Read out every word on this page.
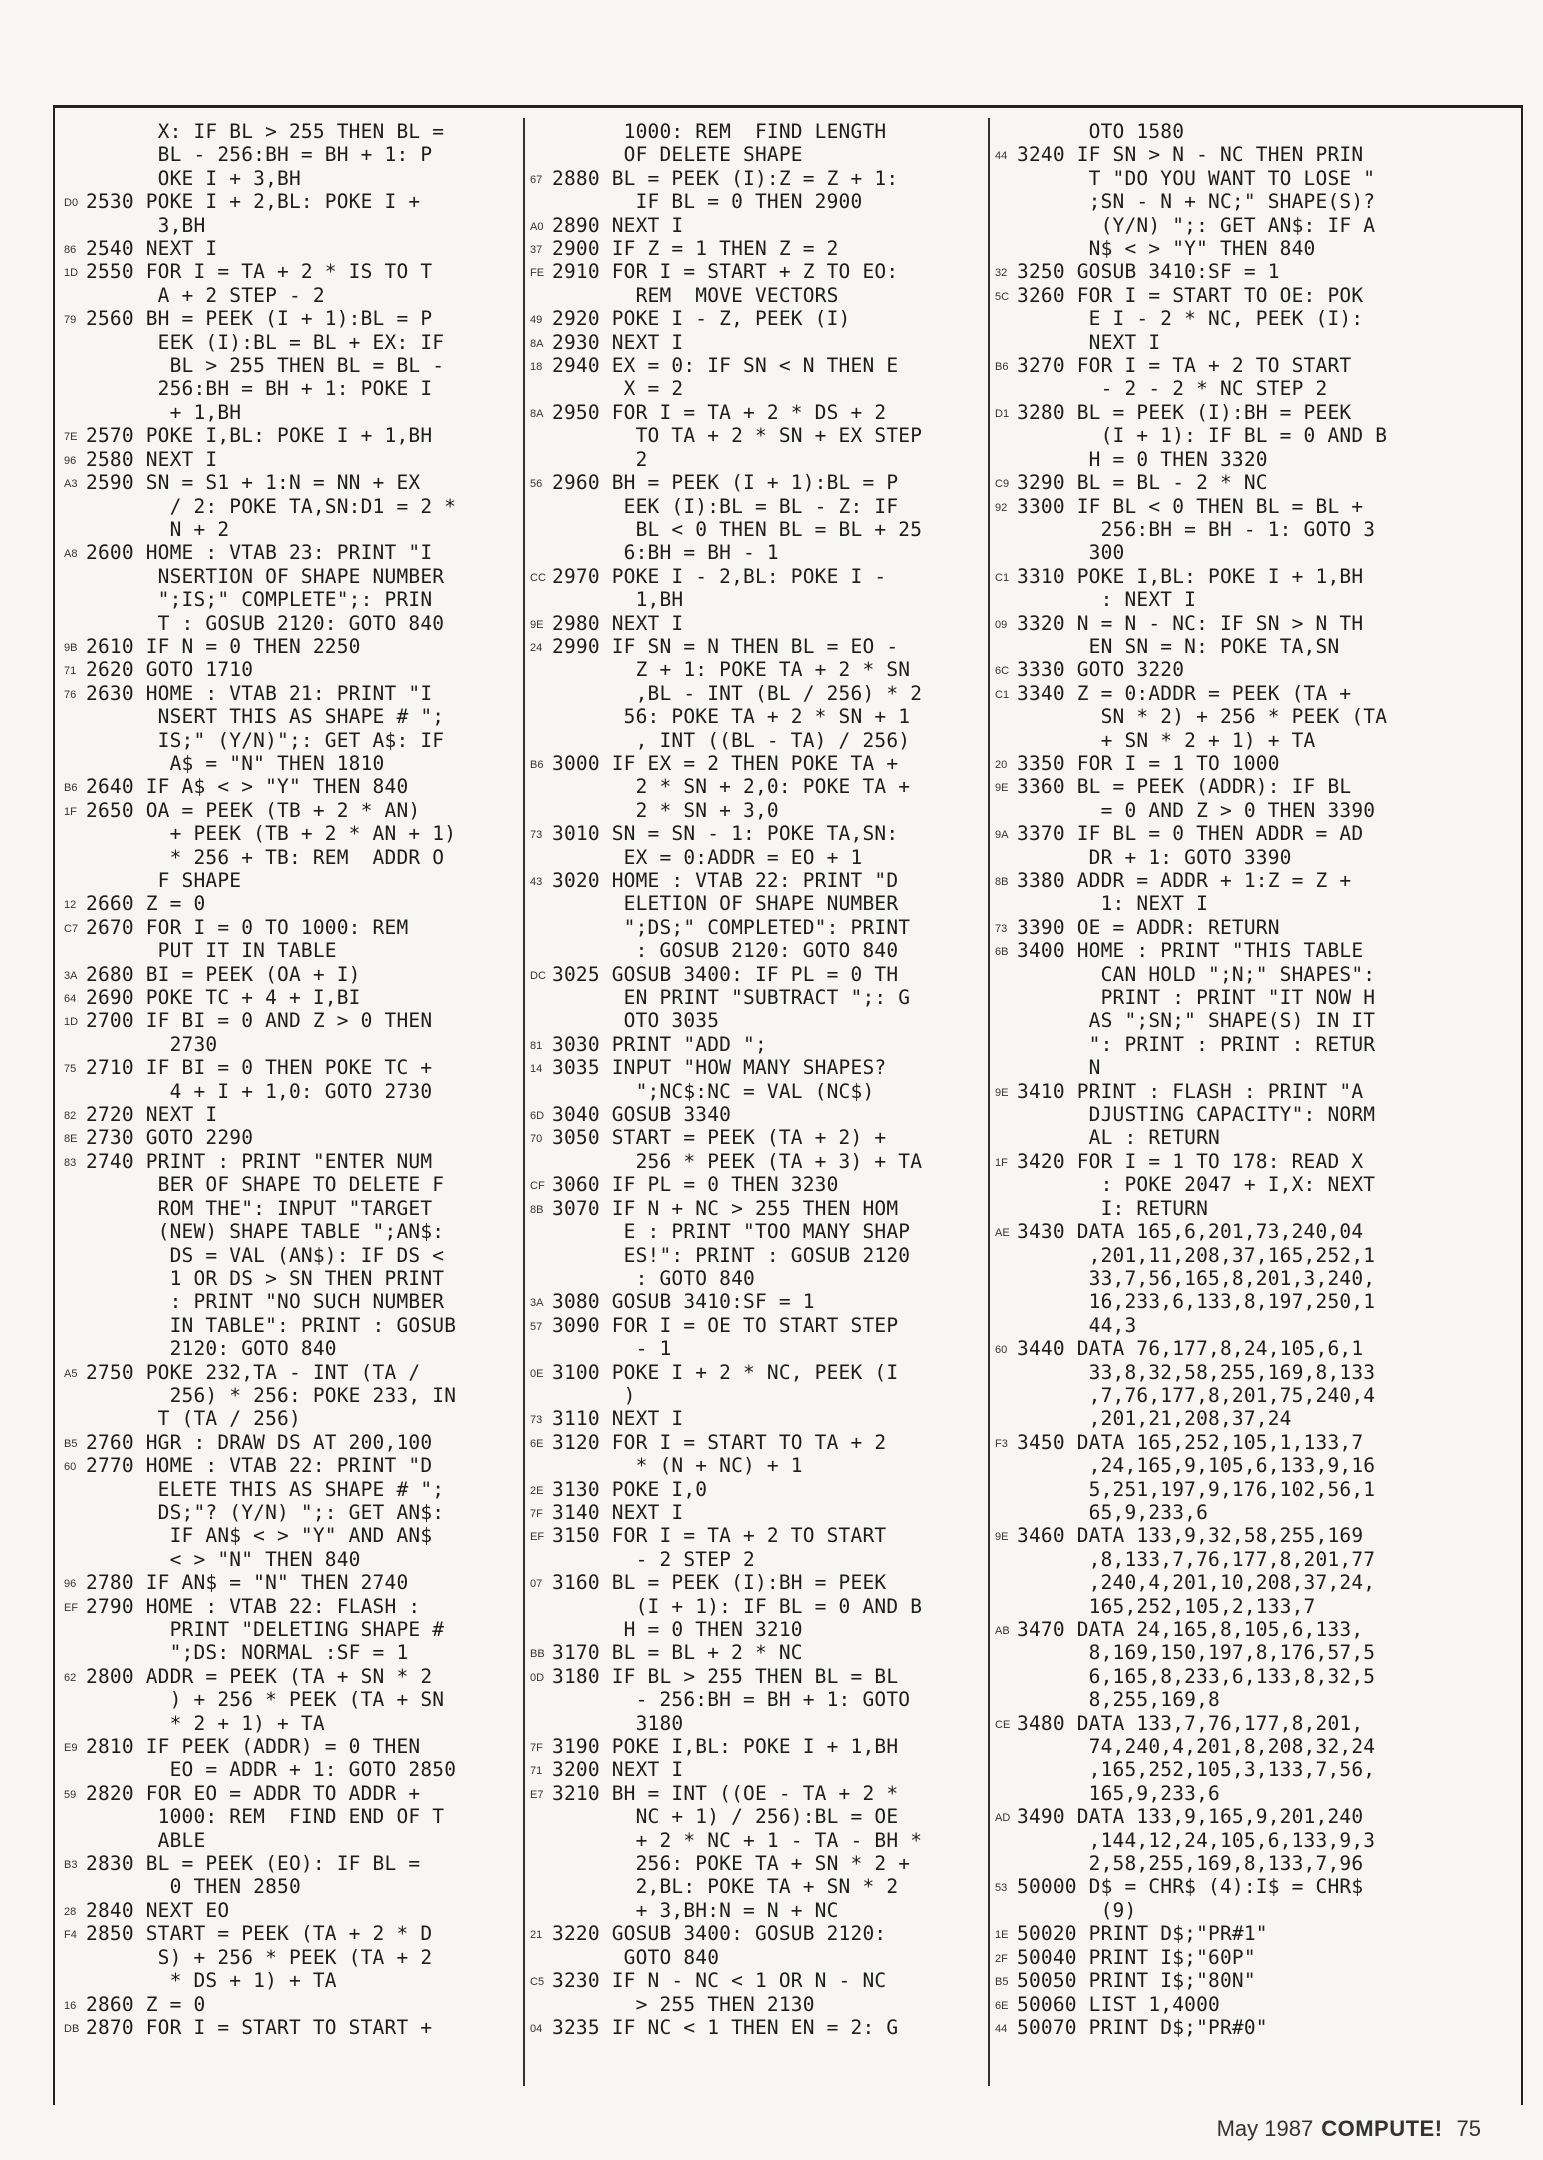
X: IF BL > 255 THEN BL =
BL - 256:BH = BH + 1: P
OKE I + 3,BH
D0 2530 POKE I + 2,BL: POKE I +
3,BH
86 2540 NEXT I
1D 2550 FOR I = TA + 2 * IS TO T
A + 2 STEP - 2
79 2560 BH = PEEK (I + 1):BL = P
EEK (I):BL = BL + EX: IF
BL > 255 THEN BL = BL -
256:BH = BH + 1: POKE I
+ 1,BH
7E 2570 POKE I,BL: POKE I + 1,BH
96 2580 NEXT I
A3 2590 SN = S1 + 1:N = NN + EX
/ 2: POKE TA,SN:D1 = 2 *
N + 2
A8 2600 HOME : VTAB 23: PRINT "I
NSERTION OF SHAPE NUMBER
";IS;" COMPLETE";: PRIN
T : GOSUB 2120: GOTO 840
9B 2610 IF N = 0 THEN 2250
71 2620 GOTO 1710
76 2630 HOME : VTAB 21: PRINT "I
NSERT THIS AS SHAPE # ";
IS;" (Y/N)";: GET A$: IF
A$ = "N" THEN 1810
B6 2640 IF A$ < > "Y" THEN 840
1F 2650 OA = PEEK (TB + 2 * AN)
+ PEEK (TB + 2 * AN + 1)
* 256 + TB: REM  ADDR O
F SHAPE
12 2660 Z = 0
C7 2670 FOR I = 0 TO 1000: REM
PUT IT IN TABLE
3A 2680 BI = PEEK (OA + I)
64 2690 POKE TC + 4 + I,BI
1D 2700 IF BI = 0 AND Z > 0 THEN
2730
75 2710 IF BI = 0 THEN POKE TC +
4 + I + 1,0: GOTO 2730
82 2720 NEXT I
8E 2730 GOTO 2290
83 2740 PRINT : PRINT "ENTER NUM
BER OF SHAPE TO DELETE F
ROM THE": INPUT "TARGET
(NEW) SHAPE TABLE ";AN$:
DS = VAL (AN$): IF DS <
1 OR DS > SN THEN PRINT
: PRINT "NO SUCH NUMBER
IN TABLE": PRINT : GOSUB
2120: GOTO 840
A5 2750 POKE 232,TA - INT (TA /
256) * 256: POKE 233, IN
T (TA / 256)
B5 2760 HGR : DRAW DS AT 200,100
60 2770 HOME : VTAB 22: PRINT "D
ELETE THIS AS SHAPE # ";
DS;"? (Y/N) ";: GET AN$:
IF AN$ < > "Y" AND AN$
< > "N" THEN 840
96 2780 IF AN$ = "N" THEN 2740
EF 2790 HOME : VTAB 22: FLASH :
PRINT "DELETING SHAPE #
";DS: NORMAL :SF = 1
62 2800 ADDR = PEEK (TA + SN * 2
) + 256 * PEEK (TA + SN
* 2 + 1) + TA
E9 2810 IF PEEK (ADDR) = 0 THEN
EO = ADDR + 1: GOTO 2850
59 2820 FOR EO = ADDR TO ADDR +
1000: REM  FIND END OF T
ABLE
B3 2830 BL = PEEK (EO): IF BL =
0 THEN 2850
28 2840 NEXT EO
F4 2850 START = PEEK (TA + 2 * D
S) + 256 * PEEK (TA + 2
* DS + 1) + TA
16 2860 Z = 0
DB 2870 FOR I = START TO START +
1000: REM  FIND LENGTH
OF DELETE SHAPE
67 2880 BL = PEEK (I):Z = Z + 1:
IF BL = 0 THEN 2900
A0 2890 NEXT I
37 2900 IF Z = 1 THEN Z = 2
FE 2910 FOR I = START + Z TO EO:
REM  MOVE VECTORS
49 2920 POKE I - Z, PEEK (I)
8A 2930 NEXT I
18 2940 EX = 0: IF SN < N THEN E
X = 2
8A 2950 FOR I = TA + 2 * DS + 2
TO TA + 2 * SN + EX STEP
2
56 2960 BH = PEEK (I + 1):BL = P
EEK (I):BL = BL - Z: IF
BL < 0 THEN BL = BL + 25
6:BH = BH - 1
CC 2970 POKE I - 2,BL: POKE I -
1,BH
9E 2980 NEXT I
24 2990 IF SN = N THEN BL = EO -
Z + 1: POKE TA + 2 * SN
,BL - INT (BL / 256) * 2
56: POKE TA + 2 * SN + 1
, INT ((BL - TA) / 256)
B6 3000 IF EX = 2 THEN POKE TA +
2 * SN + 2,0: POKE TA +
2 * SN + 3,0
73 3010 SN = SN - 1: POKE TA,SN:
EX = 0:ADDR = EO + 1
43 3020 HOME : VTAB 22: PRINT "D
ELETION OF SHAPE NUMBER
";DS;" COMPLETED": PRINT
: GOSUB 2120: GOTO 840
DC 3025 GOSUB 3400: IF PL = 0 TH
EN PRINT "SUBTRACT ";: G
OTO 3035
81 3030 PRINT "ADD ";
14 3035 INPUT "HOW MANY SHAPES?
";NC$:NC = VAL (NC$)
6D 3040 GOSUB 3340
70 3050 START = PEEK (TA + 2) +
256 * PEEK (TA + 3) + TA
CF 3060 IF PL = 0 THEN 3230
8B 3070 IF N + NC > 255 THEN HOM
E : PRINT "TOO MANY SHAP
ES!": PRINT : GOSUB 2120
: GOTO 840
3A 3080 GOSUB 3410:SF = 1
57 3090 FOR I = OE TO START STEP
- 1
0E 3100 POKE I + 2 * NC, PEEK (I
)
73 3110 NEXT I
6E 3120 FOR I = START TO TA + 2
* (N + NC) + 1
2E 3130 POKE I,0
7F 3140 NEXT I
EF 3150 FOR I = TA + 2 TO START
- 2 STEP 2
07 3160 BL = PEEK (I):BH = PEEK
(I + 1): IF BL = 0 AND B
H = 0 THEN 3210
BB 3170 BL = BL + 2 * NC
0D 3180 IF BL > 255 THEN BL = BL
- 256:BH = BH + 1: GOTO
3180
7F 3190 POKE I,BL: POKE I + 1,BH
71 3200 NEXT I
E7 3210 BH = INT ((OE - TA + 2 *
NC + 1) / 256):BL = OE
+ 2 * NC + 1 - TA - BH *
256: POKE TA + SN * 2 +
2,BL: POKE TA + SN * 2
+ 3,BH:N = N + NC
21 3220 GOSUB 3400: GOSUB 2120:
GOTO 840
C5 3230 IF N - NC < 1 OR N - NC
> 255 THEN 2130
04 3235 IF NC < 1 THEN EN = 2: G
OTO 1580
44 3240 IF SN > N - NC THEN PRIN
T "DO YOU WANT TO LOSE "
;SN - N + NC;" SHAPE(S)?
(Y/N) ";: GET AN$: IF A
N$ < > "Y" THEN 840
32 3250 GOSUB 3410:SF = 1
5C 3260 FOR I = START TO OE: POK
E I - 2 * NC, PEEK (I):
NEXT I
B6 3270 FOR I = TA + 2 TO START
- 2 - 2 * NC STEP 2
D1 3280 BL = PEEK (I):BH = PEEK
(I + 1): IF BL = 0 AND B
H = 0 THEN 3320
C9 3290 BL = BL - 2 * NC
92 3300 IF BL < 0 THEN BL = BL +
256:BH = BH - 1: GOTO 3
300
C1 3310 POKE I,BL: POKE I + 1,BH
: NEXT I
09 3320 N = N - NC: IF SN > N TH
EN SN = N: POKE TA,SN
6C 3330 GOTO 3220
C1 3340 Z = 0:ADDR = PEEK (TA +
SN * 2) + 256 * PEEK (TA
+ SN * 2 + 1) + TA
20 3350 FOR I = 1 TO 1000
9E 3360 BL = PEEK (ADDR): IF BL
= 0 AND Z > 0 THEN 3390
9A 3370 IF BL = 0 THEN ADDR = AD
DR + 1: GOTO 3390
8B 3380 ADDR = ADDR + 1:Z = Z +
1: NEXT I
73 3390 OE = ADDR: RETURN
6B 3400 HOME : PRINT "THIS TABLE
CAN HOLD ";N;" SHAPES":
PRINT : PRINT "IT NOW H
AS ";SN;" SHAPE(S) IN IT
": PRINT : PRINT : RETUR
N
9E 3410 PRINT : FLASH : PRINT "A
DJUSTING CAPACITY": NORM
AL : RETURN
1F 3420 FOR I = 1 TO 178: READ X
: POKE 2047 + I,X: NEXT
I: RETURN
AE 3430 DATA 165,6,201,73,240,04
,201,11,208,37,165,252,1
33,7,56,165,8,201,3,240,
16,233,6,133,8,197,250,1
44,3
60 3440 DATA 76,177,8,24,105,6,1
33,8,32,58,255,169,8,133
,7,76,177,8,201,75,240,4
,201,21,208,37,24
F3 3450 DATA 165,252,105,1,133,7
,24,165,9,105,6,133,9,16
5,251,197,9,176,102,56,1
65,9,233,6
9E 3460 DATA 133,9,32,58,255,169
,8,133,7,76,177,8,201,77
,240,4,201,10,208,37,24,
165,252,105,2,133,7
AB 3470 DATA 24,165,8,105,6,133,
8,169,150,197,8,176,57,5
6,165,8,233,6,133,8,32,5
8,255,169,8
CE 3480 DATA 133,7,76,177,8,201,
74,240,4,201,8,208,32,24
,165,252,105,3,133,7,56,
165,9,233,6
AD 3490 DATA 133,9,165,9,201,240
,144,12,24,105,6,133,9,3
2,58,255,169,8,133,7,96
53 50000 D$ = CHR$ (4):I$ = CHR$
(9)
1E 50020 PRINT D$;"PR#1"
2F 50040 PRINT I$;"60P"
B5 50050 PRINT I$;"80N"
6E 50060 LIST 1,4000
44 50070 PRINT D$;"PR#0"
May 1987 COMPUTE! 75
